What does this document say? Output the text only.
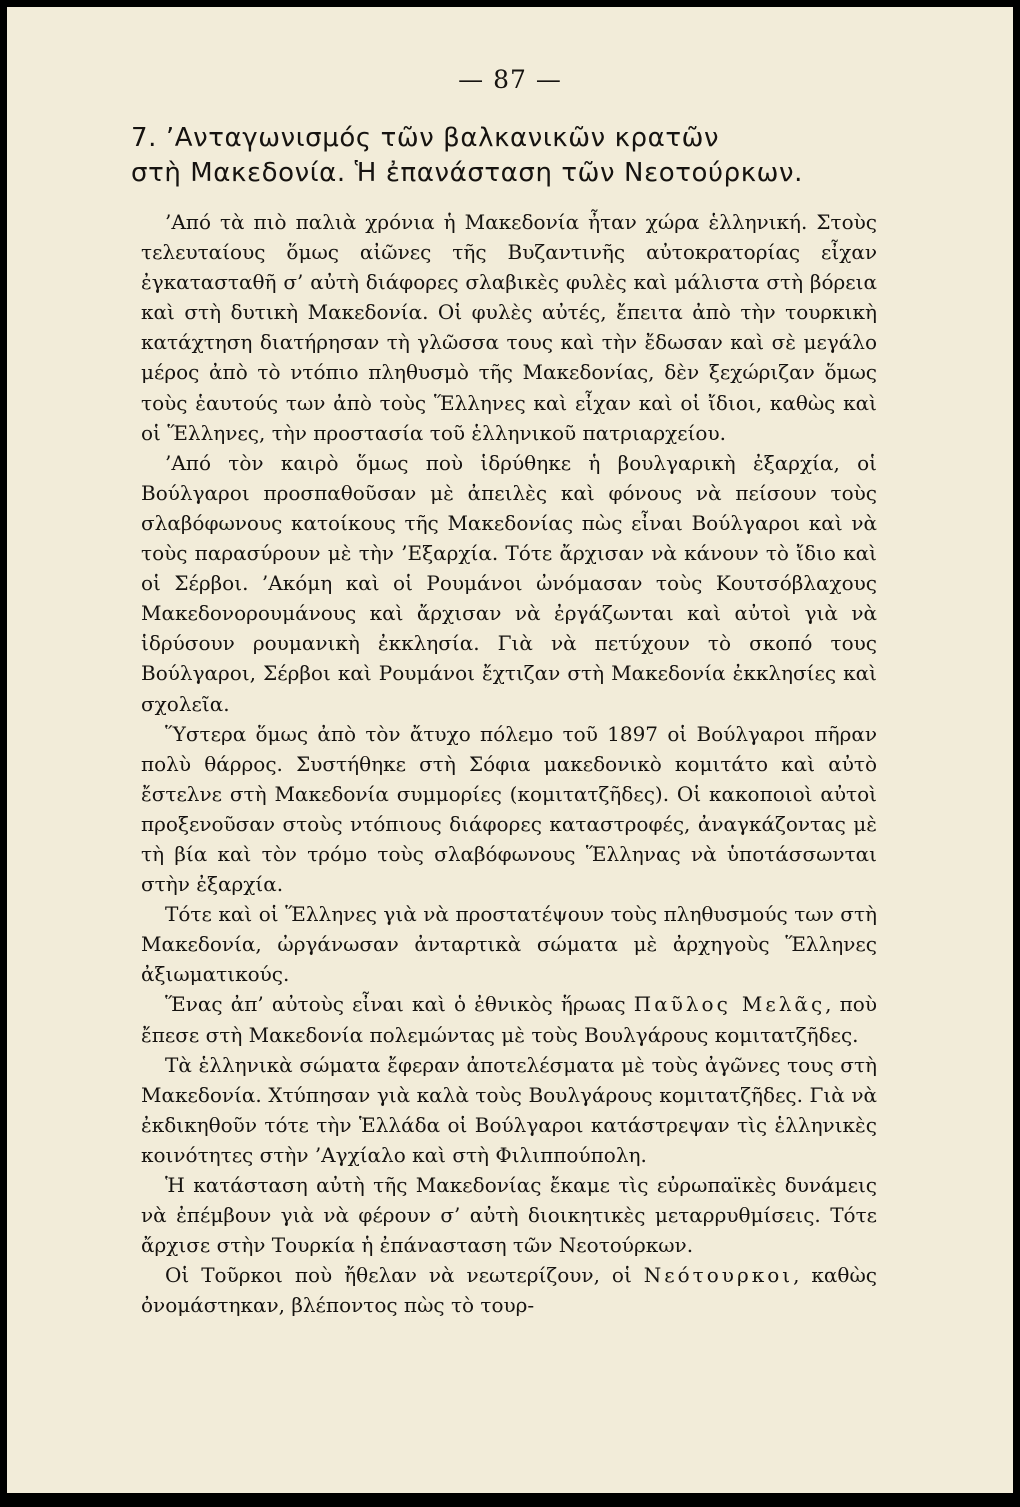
— 87 —
7. ’Ανταγωνισμός τῶν βαλκανικῶν κρατῶν
στὴ Μακεδονία. Ἡ ἐπανάσταση τῶν Νεοτούρκων.

’Από τὰ πιὸ παλιὰ χρόνια ἡ Μακεδονία ἦταν χώρα ἑλληνική. Στοὺς τελευταίους ὅμως αἰῶνες τῆς Βυζαντινῆς αὐτοκρατορίας εἶχαν ἐγκατασταθῆ σ’ αὐτὴ διάφορες σλαβικὲς φυλὲς καὶ μάλιστα στὴ βόρεια καὶ στὴ δυτικὴ Μακεδονία. Οἱ φυλὲς αὐτές, ἔπειτα ἀπὸ τὴν τουρκικὴ κατάχτηση διατήρησαν τὴ γλῶσσα τους καὶ τὴν ἔδωσαν καὶ σὲ μεγάλο μέρος ἀπὸ τὸ ντόπιο πληθυσμὸ τῆς Μακεδονίας, δὲν ξεχώριζαν ὅμως τοὺς ἑαυτούς των ἀπὸ τοὺς Ἕλληνες καὶ εἶχαν καὶ οἱ ἴδιοι, καθὼς καὶ οἱ Ἕλληνες, τὴν προστασία τοῦ ἑλληνικοῦ πατριαρχείου.

’Από τὸν καιρὸ ὅμως ποὺ ἱδρύθηκε ἡ βουλγαρικὴ ἐξαρχία, οἱ Βούλγαροι προσπαθοῦσαν μὲ ἀπειλὲς καὶ φόνους νὰ πείσουν τοὺς σλαβόφωνους κατοίκους τῆς Μακεδονίας πὼς εἶναι Βούλγαροι καὶ νὰ τοὺς παρασύρουν μὲ τὴν ’Εξαρχία. Τότε ἄρχισαν νὰ κάνουν τὸ ἴδιο καὶ οἱ Σέρβοι. ’Ακόμη καὶ οἱ Ρουμάνοι ὠνόμασαν τοὺς Κουτσόβλαχους Μακεδονορουμάνους καὶ ἄρχισαν νὰ ἐργάζωνται καὶ αὐτοὶ γιὰ νὰ ἱδρύσουν ρουμανικὴ ἐκκλησία. Γιὰ νὰ πετύχουν τὸ σκοπό τους Βούλγαροι, Σέρβοι καὶ Ρουμάνοι ἔχτιζαν στὴ Μακεδονία ἐκκλησίες καὶ σχολεῖα.

Ὕστερα ὅμως ἀπὸ τὸν ἄτυχο πόλεμο τοῦ 1897 οἱ Βούλγαροι πῆραν πολὺ θάρρος. Συστήθηκε στὴ Σόφια μακεδονικὸ κομιτάτο καὶ αὐτὸ ἔστελνε στὴ Μακεδονία συμμορίες (κομιτατζῆδες). Οἱ κακοποιοὶ αὐτοὶ προξενοῦσαν στοὺς ντόπιους διάφορες καταστροφές, ἀναγκάζοντας μὲ τὴ βία καὶ τὸν τρόμο τοὺς σλαβόφωνους Ἕλληνας νὰ ὑποτάσσωνται στὴν ἐξαρχία.

Τότε καὶ οἱ Ἕλληνες γιὰ νὰ προστατέψουν τοὺς πληθυσμούς των στὴ Μακεδονία, ὠργάνωσαν ἀνταρτικὰ σώματα μὲ ἀρχηγοὺς Ἕλληνες ἀξιωματικούς.

Ἕνας ἀπ’ αὐτοὺς εἶναι καὶ ὁ ἐθνικὸς ἥρωας Παῦλος Μελᾶς, ποὺ ἔπεσε στὴ Μακεδονία πολεμώντας μὲ τοὺς Βουλγάρους κομιτατζῆδες.

Τὰ ἑλληνικὰ σώματα ἔφεραν ἀποτελέσματα μὲ τοὺς ἀγῶνες τους στὴ Μακεδονία. Χτύπησαν γιὰ καλὰ τοὺς Βουλγάρους κομιτατζῆδες. Γιὰ νὰ ἐκδικηθοῦν τότε τὴν Ἑλλάδα οἱ Βούλγαροι κατάστρεψαν τὶς ἑλληνικὲς κοινότητες στὴν ’Αγχίαλο καὶ στὴ Φιλιππούπολη.

Ἡ κατάσταση αὐτὴ τῆς Μακεδονίας ἔκαμε τὶς εὐρωπαϊκὲς δυνάμεις νὰ ἐπέμβουν γιὰ νὰ φέρουν σ’ αὐτὴ διοικητικὲς μεταρρυθμίσεις. Τότε ἄρχισε στὴν Τουρκία ἡ ἐπάνασταση τῶν Νεοτούρκων.

Οἱ Τοῦρκοι ποὺ ἤθελαν νὰ νεωτερίζουν, οἱ Νεότουρκοι, καθὼς ὀνομάστηκαν, βλέποντος πὼς τὸ τουρ-
